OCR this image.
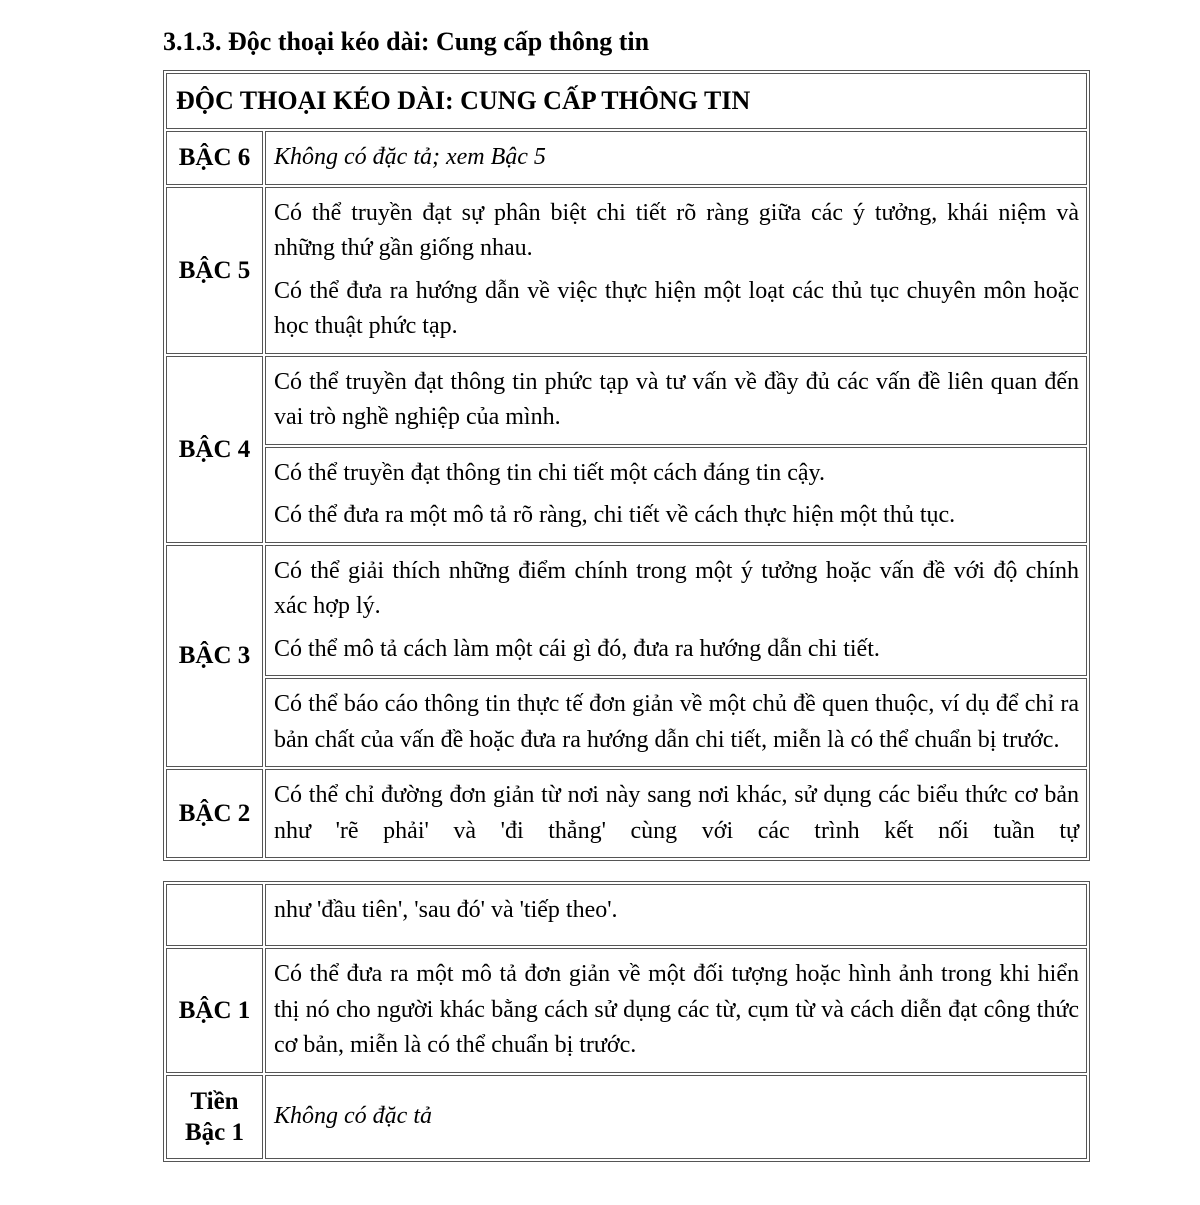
3.1.3. Độc thoại kéo dài: Cung cấp thông tin
ĐỘC THOẠI KÉO DÀI: CUNG CẤP THÔNG TIN	
BẬC 6	Không có đặc tả; xem Bậc 5

BẬC 5	Có thể truyền đạt sự phân biệt chi tiết rõ ràng giữa các ý tưởng, khái niệm và những thứ gần giống nhau.

Có thể đưa ra hướng dẫn về việc thực hiện một loạt các thủ tục chuyên môn hoặc học thuật phức tạp.

BẬC 4	Có thể truyền đạt thông tin phức tạp và tư vấn về đầy đủ các vấn đề liên quan đến vai trò nghề nghiệp của mình.

	Có thể truyền đạt thông tin chi tiết một cách đáng tin cậy.

Có thể đưa ra một mô tả rõ ràng, chi tiết về cách thực hiện một thủ tục.

BẬC 3	Có thể giải thích những điểm chính trong một ý tưởng hoặc vấn đề với độ chính xác hợp lý.

Có thể mô tả cách làm một cái gì đó, đưa ra hướng dẫn chi tiết.

	Có thể báo cáo thông tin thực tế đơn giản về một chủ đề quen thuộc, ví dụ để chỉ ra bản chất của vấn đề hoặc đưa ra hướng dẫn chi tiết, miễn là có thể chuẩn bị trước.

BẬC 2	Có thể chỉ đường đơn giản từ nơi này sang nơi khác, sử dụng các biểu thức cơ bản như 'rẽ phải' và 'đi thẳng' cùng với các trình kết nối tuần tự

	như 'đầu tiên', 'sau đó' và 'tiếp theo'.

BẬC 1	Có thể đưa ra một mô tả đơn giản về một đối tượng hoặc hình ảnh trong khi hiển thị nó cho người khác bằng cách sử dụng các từ, cụm từ và cách diễn đạt công thức cơ bản, miễn là có thể chuẩn bị trước.

Tiền Bậc 1	Không có đặc tả
